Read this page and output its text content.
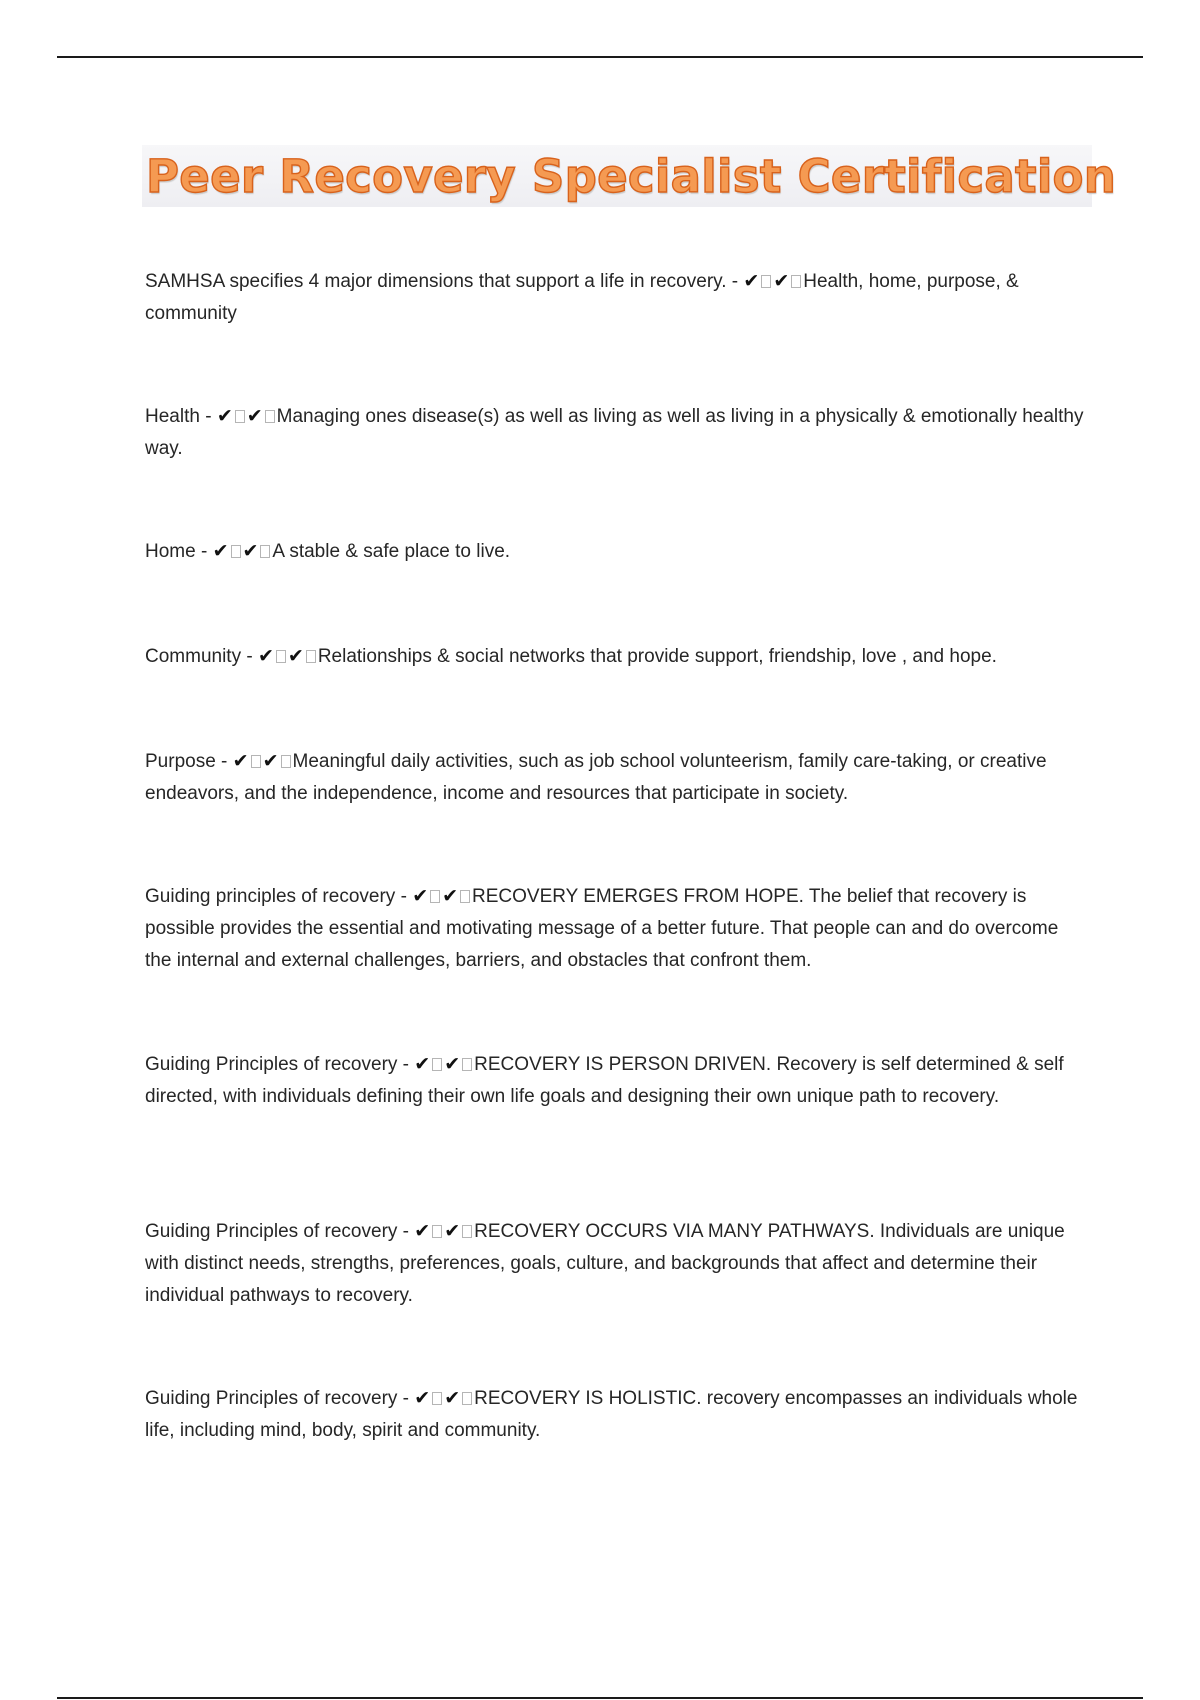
Peer Recovery Specialist Certification
SAMHSA specifies 4 major dimensions that support a life in recovery. - ✔ ✔ Health, home, purpose, & community
Health - ✔ ✔ Managing ones disease(s) as well as living as well as living in a physically & emotionally healthy way.
Home - ✔ ✔ A stable & safe place to live.
Community - ✔ ✔ Relationships & social networks that provide support, friendship, love , and hope.
Purpose - ✔ ✔ Meaningful daily activities, such as job school volunteerism, family care-taking, or creative endeavors, and the independence, income and resources that participate in society.
Guiding principles of recovery - ✔ ✔ RECOVERY EMERGES FROM HOPE. The belief that recovery is possible provides the essential and motivating message of a better future. That people can and do overcome the internal and external challenges, barriers, and obstacles that confront them.
Guiding Principles of recovery - ✔ ✔ RECOVERY IS PERSON DRIVEN. Recovery is self determined & self directed, with individuals defining their own life goals and designing their own unique path to recovery.
Guiding Principles of recovery - ✔ ✔ RECOVERY OCCURS VIA MANY PATHWAYS. Individuals are unique with distinct needs, strengths, preferences, goals, culture, and backgrounds that affect and determine their individual pathways to recovery.
Guiding Principles of recovery - ✔ ✔ RECOVERY IS HOLISTIC. recovery encompasses an individuals whole life, including mind, body, spirit and community.
